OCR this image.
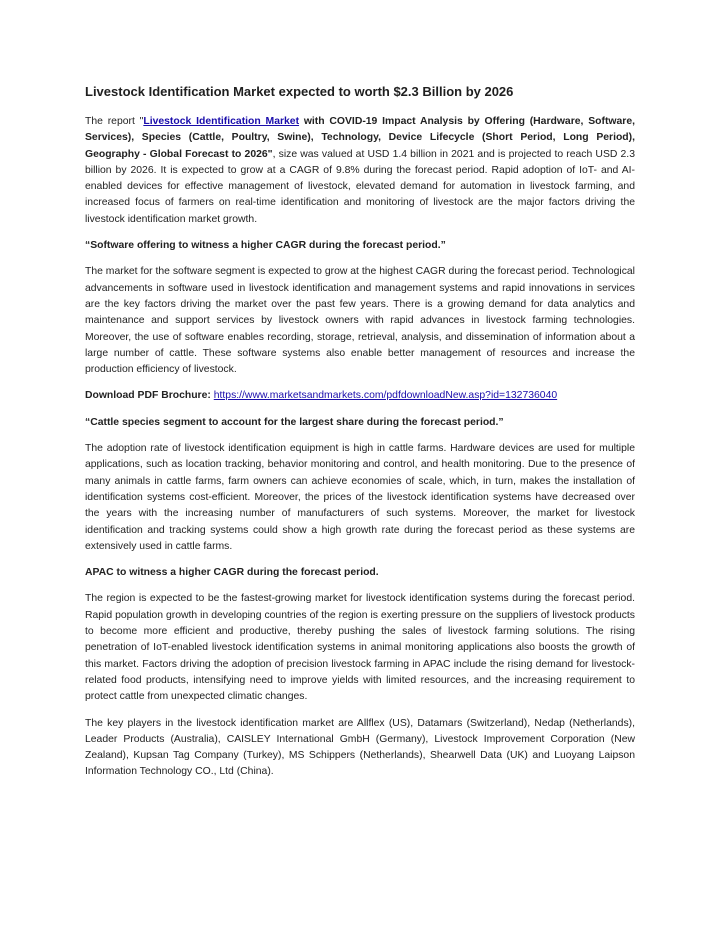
Livestock Identification Market expected to worth $2.3 Billion by 2026

The report "Livestock Identification Market with COVID-19 Impact Analysis by Offering (Hardware, Software, Services), Species (Cattle, Poultry, Swine), Technology, Device Lifecycle (Short Period, Long Period), Geography - Global Forecast to 2026", size was valued at USD 1.4 billion in 2021 and is projected to reach USD 2.3 billion by 2026. It is expected to grow at a CAGR of 9.8% during the forecast period. Rapid adoption of IoT- and AI-enabled devices for effective management of livestock, elevated demand for automation in livestock farming, and increased focus of farmers on real-time identification and monitoring of livestock are the major factors driving the livestock identification market growth.

“Software offering to witness a higher CAGR during the forecast period.”

The market for the software segment is expected to grow at the highest CAGR during the forecast period. Technological advancements in software used in livestock identification and management systems and rapid innovations in services are the key factors driving the market over the past few years. There is a growing demand for data analytics and maintenance and support services by livestock owners with rapid advances in livestock farming technologies. Moreover, the use of software enables recording, storage, retrieval, analysis, and dissemination of information about a large number of cattle. These software systems also enable better management of resources and increase the production efficiency of livestock.

Download PDF Brochure: https://www.marketsandmarkets.com/pdfdownloadNew.asp?id=132736040

“Cattle species segment to account for the largest share during the forecast period.”

The adoption rate of livestock identification equipment is high in cattle farms. Hardware devices are used for multiple applications, such as location tracking, behavior monitoring and control, and health monitoring. Due to the presence of many animals in cattle farms, farm owners can achieve economies of scale, which, in turn, makes the installation of identification systems cost-efficient. Moreover, the prices of the livestock identification systems have decreased over the years with the increasing number of manufacturers of such systems. Moreover, the market for livestock identification and tracking systems could show a high growth rate during the forecast period as these systems are extensively used in cattle farms.

APAC to witness a higher CAGR during the forecast period.

The region is expected to be the fastest-growing market for livestock identification systems during the forecast period. Rapid population growth in developing countries of the region is exerting pressure on the suppliers of livestock products to become more efficient and productive, thereby pushing the sales of livestock farming solutions. The rising penetration of IoT-enabled livestock identification systems in animal monitoring applications also boosts the growth of this market. Factors driving the adoption of precision livestock farming in APAC include the rising demand for livestock-related food products, intensifying need to improve yields with limited resources, and the increasing requirement to protect cattle from unexpected climatic changes.

The key players in the livestock identification market are Allflex (US), Datamars (Switzerland), Nedap (Netherlands), Leader Products (Australia), CAISLEY International GmbH (Germany), Livestock Improvement Corporation (New Zealand), Kupsan Tag Company (Turkey), MS Schippers (Netherlands), Shearwell Data (UK) and Luoyang Laipson Information Technology CO., Ltd (China).
